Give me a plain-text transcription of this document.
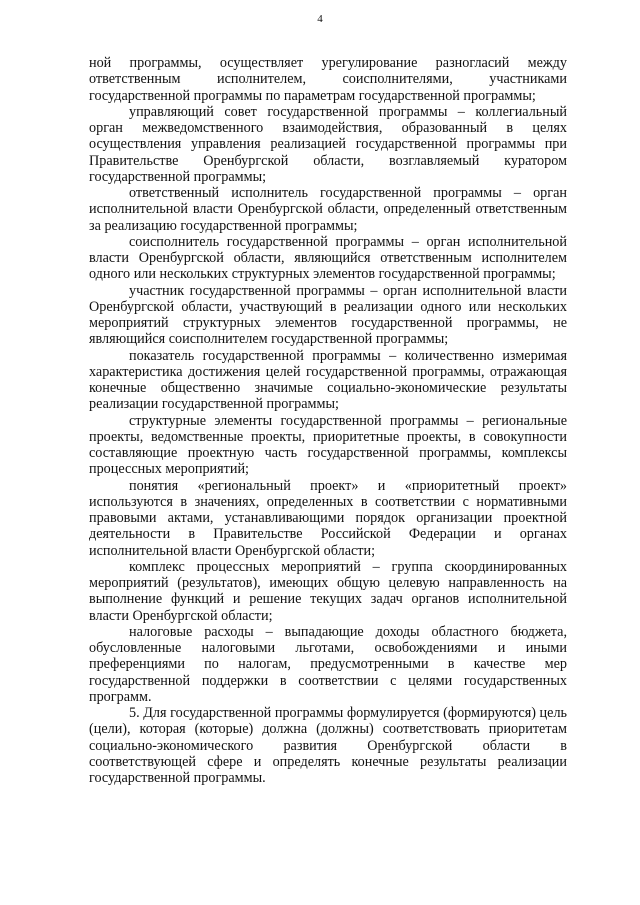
4

ной программы, осуществляет урегулирование разногласий между ответственным исполнителем, соисполнителями, участниками государственной программы по параметрам государственной программы;

управляющий совет государственной программы – коллегиальный орган межведомственного взаимодействия, образованный в целях осуществления управления реализацией государственной программы при Правительстве Оренбургской области, возглавляемый куратором государственной программы;

ответственный исполнитель государственной программы – орган исполнительной власти Оренбургской области, определенный ответственным за реализацию государственной программы;

соисполнитель государственной программы – орган исполнительной власти Оренбургской области, являющийся ответственным исполнителем одного или нескольких структурных элементов государственной программы;

участник государственной программы – орган исполнительной власти Оренбургской области, участвующий в реализации одного или нескольких мероприятий структурных элементов государственной программы, не являющийся соисполнителем государственной программы;

показатель государственной программы – количественно измеримая характеристика достижения целей государственной программы, отражающая конечные общественно значимые социально-экономические результаты реализации государственной программы;

структурные элементы государственной программы – региональные проекты, ведомственные проекты, приоритетные проекты, в совокупности составляющие проектную часть государственной программы, комплексы процессных мероприятий;

понятия «региональный проект» и «приоритетный проект» используются в значениях, определенных в соответствии с нормативными правовыми актами, устанавливающими порядок организации проектной деятельности в Правительстве Российской Федерации и органах исполнительной власти Оренбургской области;

комплекс процессных мероприятий – группа скоординированных мероприятий (результатов), имеющих общую целевую направленность на выполнение функций и решение текущих задач органов исполнительной власти Оренбургской области;

налоговые расходы – выпадающие доходы областного бюджета, обусловленные налоговыми льготами, освобождениями и иными преференциями по налогам, предусмотренными в качестве мер государственной поддержки в соответствии с целями государственных программ.

5. Для государственной программы формулируется (формируются) цель (цели), которая (которые) должна (должны) соответствовать приоритетам социально-экономического развития Оренбургской области в соответствующей сфере и определять конечные результаты реализации государственной программы.
